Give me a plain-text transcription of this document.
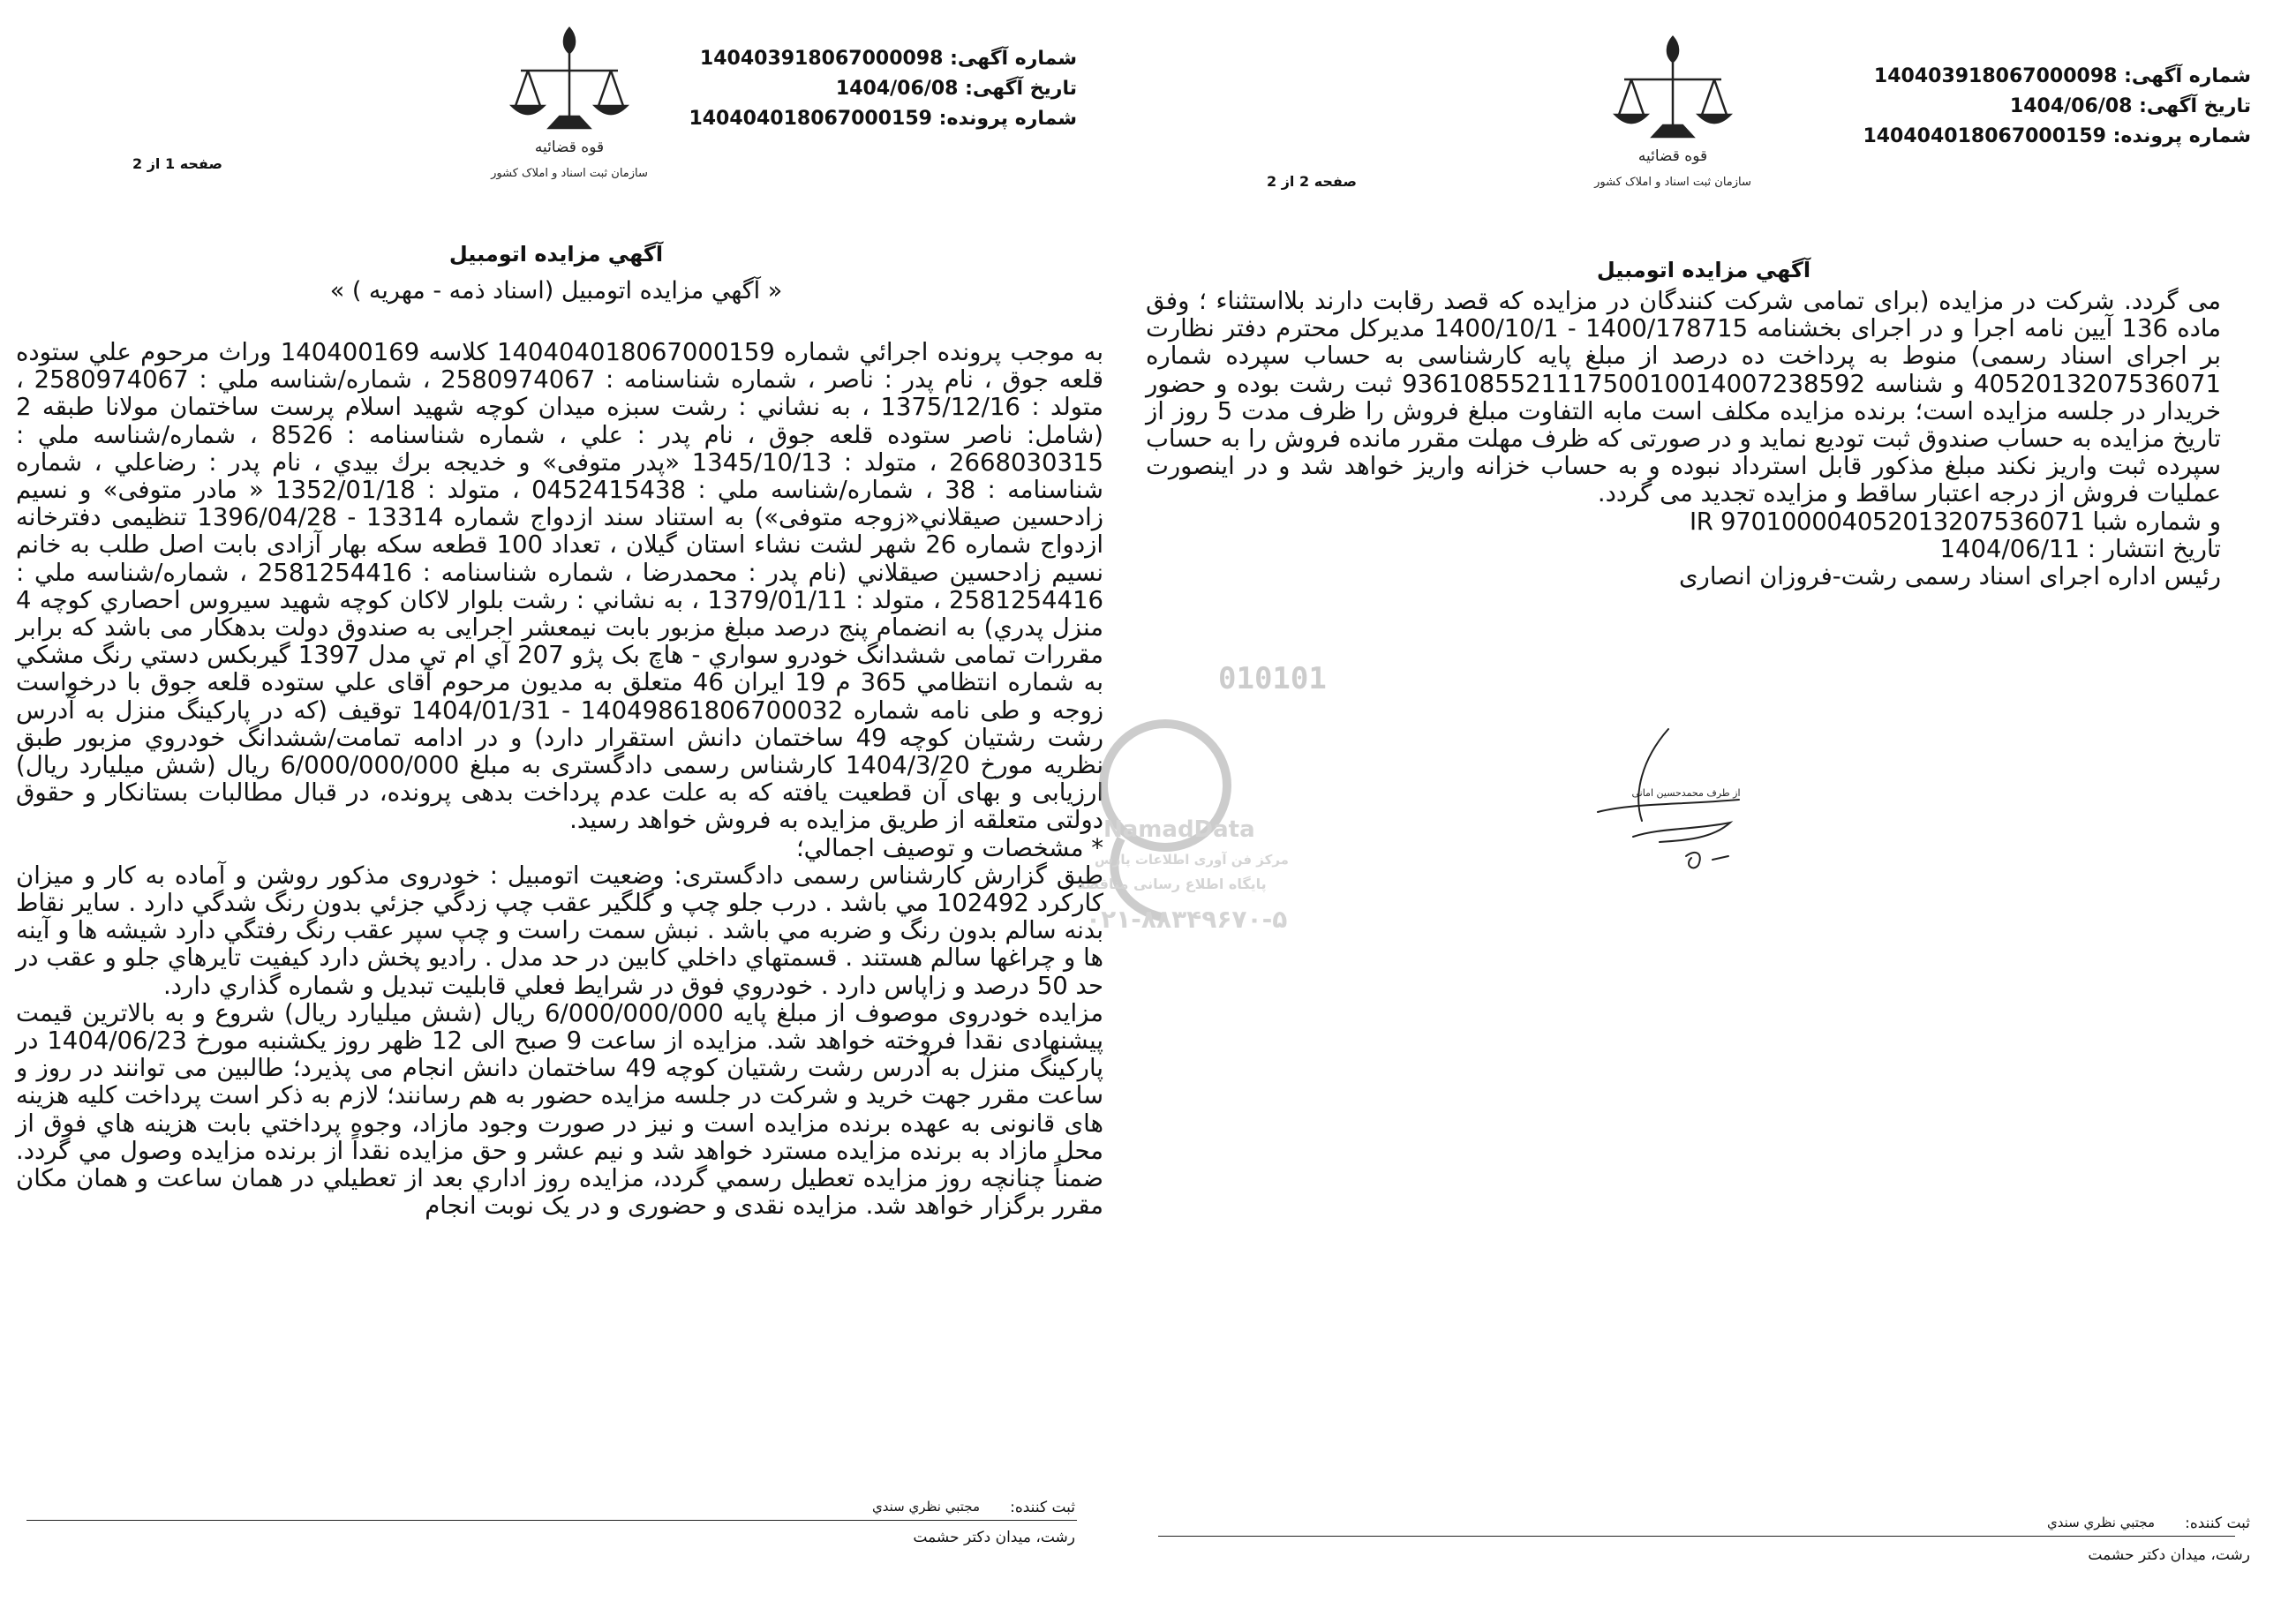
شماره آگهی: 140403918067000098
تاریخ آگهی: 1404/06/08
شماره پرونده: 140404018067000159
قوه قضائیه
سازمان ثبت اسناد و املاک کشور
صفحه 1 از 2
آگهي مزايده اتومبيل
« آگهي مزايده اتومبيل (اسناد ذمه - مهريه ) »

به موجب پرونده اجرائي شماره 140404018067000159 كلاسه 140400169 وراث مرحوم علي ستوده قلعه جوق ، نام پدر : ناصر ، شماره شناسنامه : 2580974067 ، شماره/شناسه ملي : 2580974067 ، متولد : 1375/12/16 ، به نشاني : رشت سبزه ميدان كوچه شهيد اسلام پرست ساختمان مولانا طبقه 2 (شامل: ناصر ستوده قلعه جوق ، نام پدر : علي ، شماره شناسنامه : 8526 ، شماره/شناسه ملي : 2668030315 ، متولد : 1345/10/13 «پدر متوفى» و خديجه برك بيدي ، نام پدر : رضاعلي ، شماره شناسنامه : 38 ، شماره/شناسه ملي : 0452415438 ، متولد : 1352/01/18 « مادر متوفى» و نسيم زادحسين صيقلاني«زوجه متوفى») به استناد سند ازدواج شماره 13314 - 1396/04/28 تنظيمی دفترخانه ازدواج شماره 26 شهر لشت نشاء استان گيلان ، تعداد 100 قطعه سكه بهار آزادی بابت اصل طلب به خانم نسيم زادحسين صيقلاني (نام پدر : محمدرضا ، شماره شناسنامه : 2581254416 ، شماره/شناسه ملي : 2581254416 ، متولد : 1379/01/11 ، به نشاني : رشت بلوار لاكان كوچه شهيد سيروس احصاري كوچه 4 منزل پدري) به انضمام پنج درصد مبلغ مزبور بابت نيمعشر اجرايی به صندوق دولت بدهكار می باشد كه برابر مقررات تمامی ششدانگ خودرو سواري - هاچ بک پژو 207 آي ام تي مدل 1397 گيربكس دستي رنگ مشكي به شماره انتظامي 365 م 19 ايران 46 متعلق به مديون مرحوم آقای علي ستوده قلعه جوق با درخواست زوجه و طی نامه شماره 14049861806700032 - 1404/01/31 توقيف (كه در پاركينگ منزل به آدرس رشت رشتيان كوچه 49 ساختمان دانش استقرار دارد) و در ادامه تمامت/ششدانگ خودروي مزبور طبق نظريه مورخ 1404/3/20 كارشناس رسمی دادگستری به مبلغ 6/000/000/000 ريال (شش ميليارد ريال) ارزيابی و بهای آن قطعيت يافته كه به علت عدم پرداخت بدهی پرونده، در قبال مطالبات بستانكار و حقوق دولتی متعلقه از طريق مزايده به فروش خواهد رسيد.

* مشخصات و توصيف اجمالي؛

طبق گزارش كارشناس رسمی دادگستری: وضعيت اتومبيل : خودروی مذكور روشن و آماده به كار و ميزان كاركرد 102492 مي باشد . درب جلو چپ و گلگير عقب چپ زدگي جزئي بدون رنگ شدگي دارد . ساير نقاط بدنه سالم بدون رنگ و ضربه مي باشد . نبش سمت راست و چپ سپر عقب رنگ رفتگي دارد شيشه ها و آينه ها و چراغها سالم هستند . قسمتهاي داخلي كابين در حد مدل . راديو پخش دارد كيفيت تايرهاي جلو و عقب در حد 50 درصد و زاپاس دارد . خودروي فوق در شرايط فعلي قابليت تبديل و شماره گذاري دارد.

مزايده خودروی موصوف از مبلغ پايه 6/000/000/000 ريال (شش ميليارد ريال) شروع و به بالاترين قيمت پيشنهادی نقدا فروخته خواهد شد. مزايده از ساعت 9 صبح الی 12 ظهر روز يكشنبه مورخ 1404/06/23 در پاركينگ منزل به آدرس رشت رشتيان كوچه 49 ساختمان دانش انجام می پذيرد؛ طالبين می توانند در روز و ساعت مقرر جهت خريد و شركت در جلسه مزايده حضور به هم رسانند؛ لازم به ذكر است پرداخت كليه هزينه های قانونی به عهده برنده مزايده است و نيز در صورت وجود مازاد، وجوه پرداختي بابت هزينه هاي فوق از محل مازاد به برنده مزايده مسترد خواهد شد و نيم عشر و حق مزايده نقداً از برنده مزايده وصول مي گردد. ضمناً چنانچه روز مزايده تعطيل رسمي گردد، مزايده روز اداري بعد از تعطيلي در همان ساعت و همان مكان مقرر برگزار خواهد شد. مزايده نقدی و حضوری و در يک نوبت انجام

ثبت كننده:
مجتبي نظري سندي
رشت، ميدان دكتر حشمت
شماره آگهی: 140403918067000098
تاریخ آگهی: 1404/06/08
شماره پرونده: 140404018067000159
قوه قضائیه
سازمان ثبت اسناد و املاک کشور
صفحه 2 از 2
آگهي مزايده اتومبيل

می گردد. شركت در مزايده (برای تمامی شركت كنندگان در مزايده كه قصد رقابت دارند بلااستثناء ؛ وفق ماده 136 آيين نامه اجرا و در اجرای بخشنامه 1400/178715 - 1400/10/1 مديركل محترم دفتر نظارت بر اجرای اسناد رسمی) منوط به پرداخت ده درصد از مبلغ پايه كارشناسی به حساب سپرده شماره 4052013207536071 و شناسه 936108552111750010014007238592 ثبت رشت بوده و حضور خريدار در جلسه مزايده است؛ برنده مزايده مكلف است مابه التفاوت مبلغ فروش را ظرف مدت 5 روز از تاريخ مزايده به حساب صندوق ثبت توديع نمايد و در صورتی كه ظرف مهلت مقرر مانده فروش را به حساب سپرده ثبت واريز نكند مبلغ مذكور قابل استرداد نبوده و به حساب خزانه واريز خواهد شد و در اينصورت عمليات فروش از درجه اعتبار ساقط و مزايده تجديد می گردد.

و شماره شبا IR 970100004052013207536071

تاريخ انتشار : 1404/06/11

رئيس اداره اجرای اسناد رسمی رشت-فروزان انصاری

ثبت كننده:
مجتبي نظري سندي
رشت، ميدان دكتر حشمت
از طرف محمدحسین امانی
010101
NamadData
مرکز فن آوری اطلاعات پارس
پایگاه اطلاع رسانی مناقصه
۰۲۱-۸۸۳۴۹۶۷۰-۵
